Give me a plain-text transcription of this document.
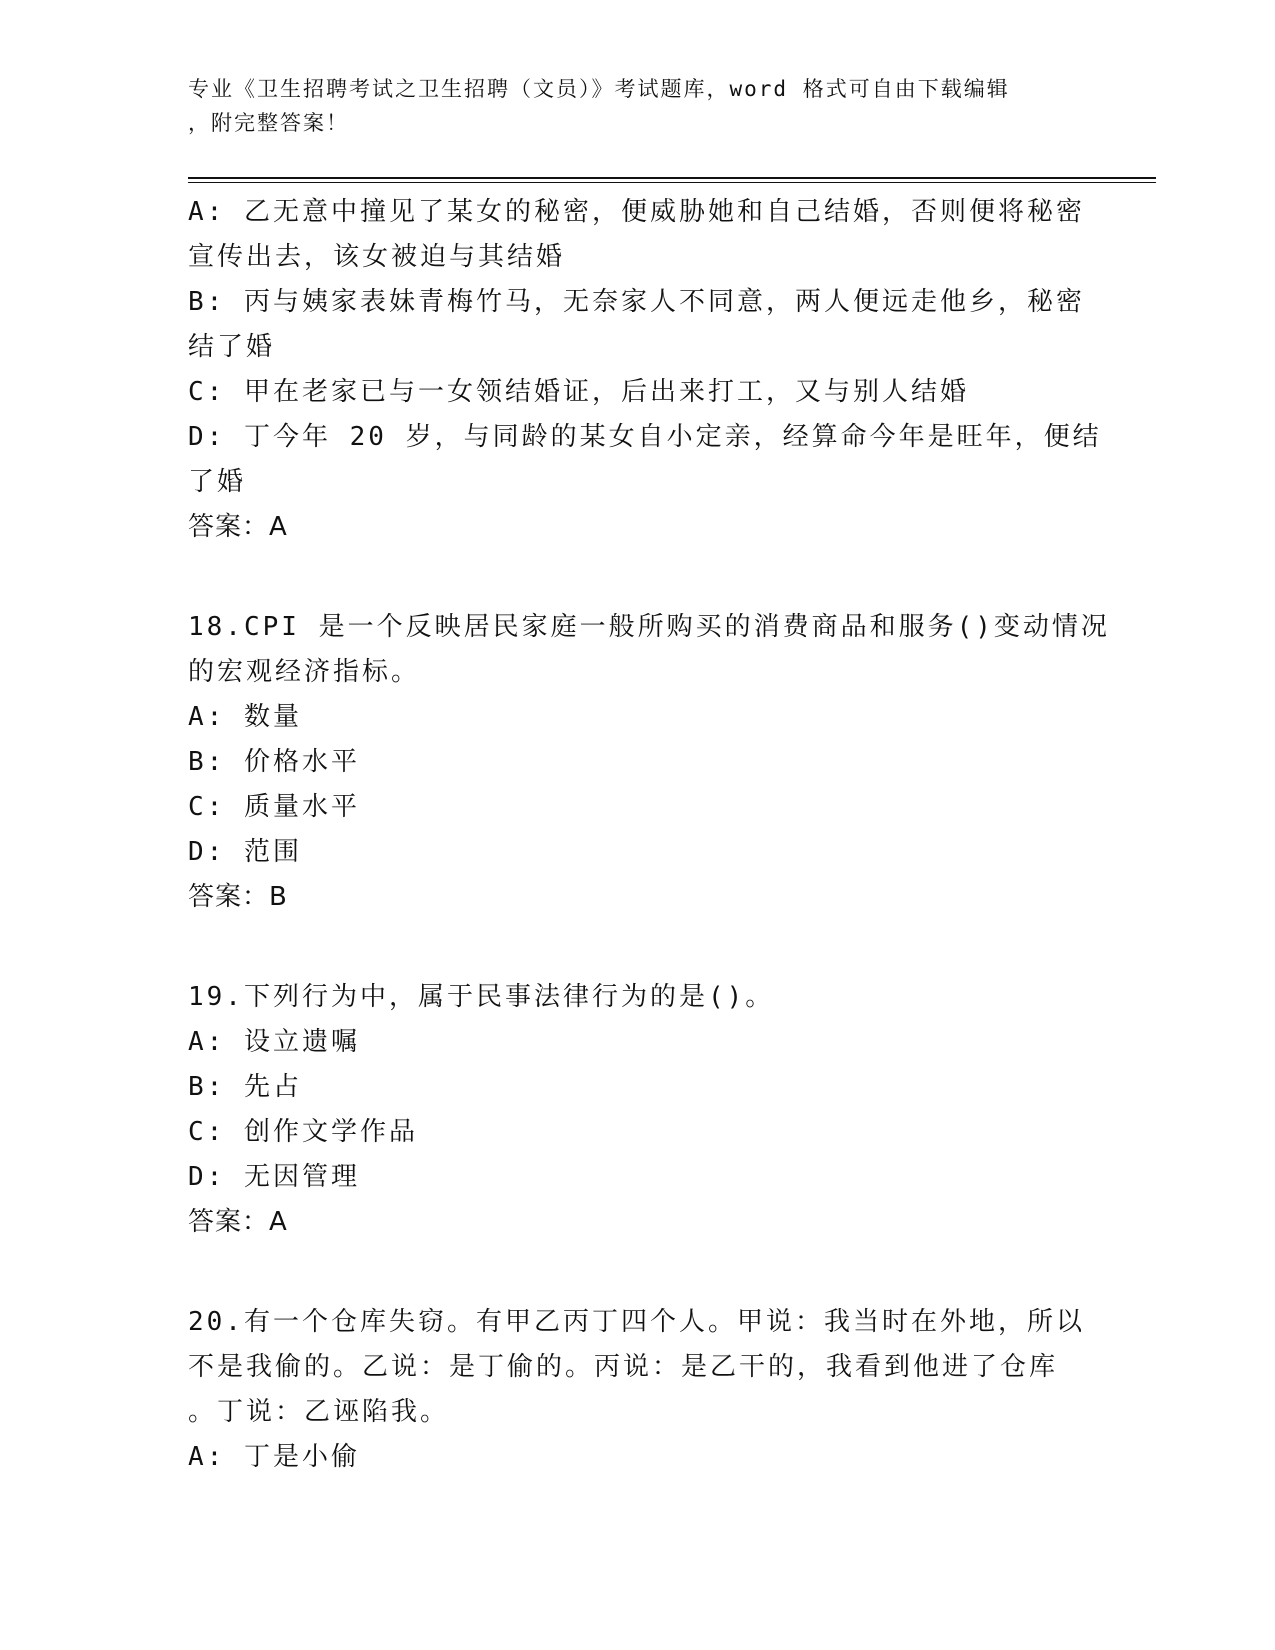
专业《卫生招聘考试之卫生招聘（文员）》考试题库，word 格式可自由下载编辑
，附完整答案！
A: 乙无意中撞见了某女的秘密，便威胁她和自己结婚，否则便将秘密
宣传出去，该女被迫与其结婚
B: 丙与姨家表妹青梅竹马，无奈家人不同意，两人便远走他乡，秘密
结了婚
C: 甲在老家已与一女领结婚证，后出来打工，又与别人结婚
D: 丁今年 20 岁，与同龄的某女自小定亲，经算命今年是旺年，便结
了婚
答案：A
18.CPI 是一个反映居民家庭一般所购买的消费商品和服务()变动情况
的宏观经济指标。
A: 数量
B: 价格水平
C: 质量水平
D: 范围
答案：B
19.下列行为中，属于民事法律行为的是()。
A: 设立遗嘱
B: 先占
C: 创作文学作品
D: 无因管理
答案：A
20.有一个仓库失窃。有甲乙丙丁四个人。甲说：我当时在外地，所以
不是我偷的。乙说：是丁偷的。丙说：是乙干的，我看到他进了仓库
。丁说：乙诬陷我。
A: 丁是小偷
